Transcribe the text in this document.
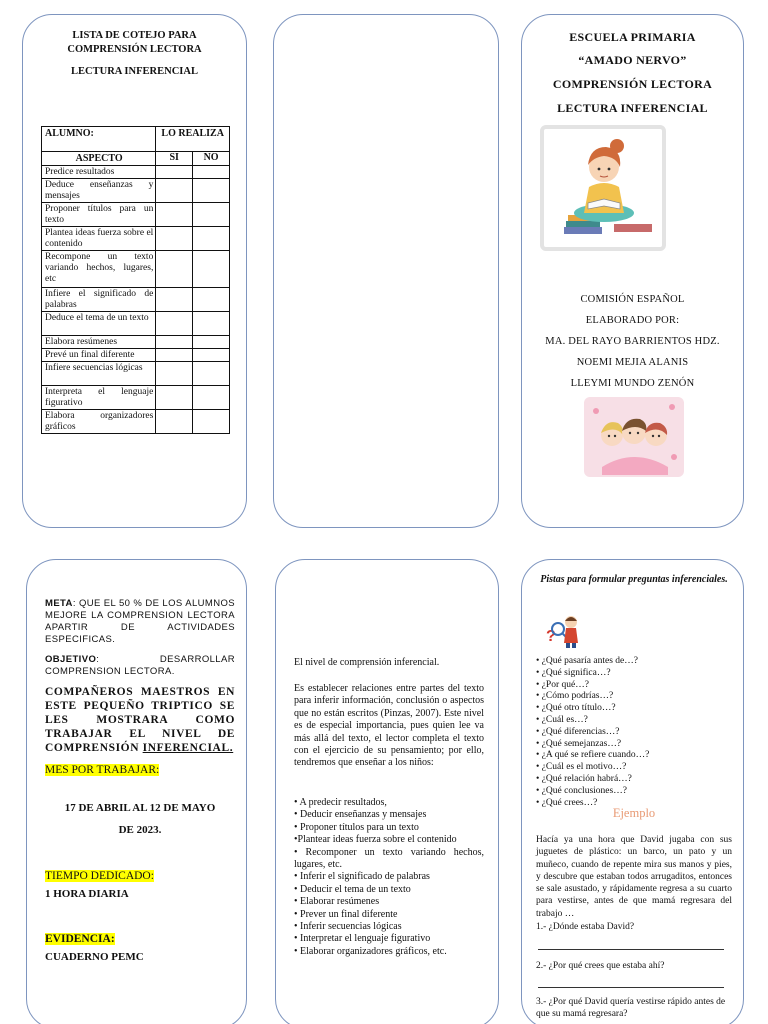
LISTA DE COTEJO PARA
COMPRENSIÓN LECTORA
LECTURA INFERENCIAL
ALUMNO:	LO REALIZA	
ASPECTO	SI	NO
Predice resultados		
Deduce enseñanzas y mensajes		
Proponer títulos para un texto		
Plantea ideas fuerza sobre el contenido		
Recompone un texto variando hechos, lugares, etc		
Infiere el significado de palabras		
Deduce el tema de un texto		
Elabora resúmenes		
Prevé un final diferente		
Infiere secuencias lógicas		
Interpreta el lenguaje figurativo		
Elabora organizadores gráficos		
ESCUELA PRIMARIA
“AMADO NERVO”
COMPRENSIÓN LECTORA
LECTURA INFERENCIAL
COMISIÓN ESPAÑOL
ELABORADO POR:
MA. DEL RAYO BARRIENTOS HDZ.
NOEMI MEJIA ALANIS
LLEYMI MUNDO ZENÓN
META: QUE EL 50 % DE LOS ALUMNOS MEJORE LA COMPRENSION LECTORA APARTIR DE ACTIVIDADES ESPECIFICAS.
OBJETIVO: DESARROLLAR COMPRENSION LECTORA.
COMPAÑEROS MAESTROS EN ESTE PEQUEÑO TRIPTICO SE LES MOSTRARA COMO TRABAJAR EL NIVEL DE COMPRENSIÓN INFERENCIAL.
MES POR TRABAJAR:
17 DE ABRIL AL 12 DE MAYO
DE 2023.
TIEMPO DEDICADO:
1 HORA DIARIA
EVIDENCIA:
CUADERNO PEMC
El nivel de comprensión inferencial.
Es establecer relaciones entre partes del texto para inferir información, conclusión o aspectos que no están escritos (Pinzas, 2007). Este nivel es de especial importancia, pues quien lee va más allá del texto, el lector completa el texto con el ejercicio de su pensamiento; por ello, tendremos que enseñar a los niños:
• A predecir resultados,
• Deducir enseñanzas y mensajes
• Proponer títulos para un texto
•Plantear ideas fuerza sobre el contenido
• Recomponer un texto variando hechos, lugares, etc.
• Inferir el significado de palabras
• Deducir el tema de un texto
• Elaborar resúmenes
• Prever un final diferente
• Inferir secuencias lógicas
• Interpretar el lenguaje figurativo
• Elaborar organizadores gráficos, etc.
Pistas para formular preguntas inferenciales.
?
• ¿Qué pasaría antes de…?
• ¿Qué significa…?
• ¿Por qué…?
• ¿Cómo podrías…?
• ¿Qué otro título…?
• ¿Cuál es…?
• ¿Qué diferencias…?
• ¿Qué semejanzas…?
• ¿A qué se refiere cuando…?
• ¿Cuál es el motivo…?
• ¿Qué relación habrá…?
• ¿Qué conclusiones…?
• ¿Qué crees…?
Ejemplo
Hacía ya una hora que David jugaba con sus juguetes de plástico: un barco, un pato y un muñeco, cuando de repente mira sus manos y pies, y descubre que estaban todos arrugaditos, entonces se sale asustado, y rápidamente regresa a su cuarto para vestirse, antes de que mamá regresara del trabajo …
1.- ¿Dónde estaba David?
2.- ¿Por qué crees que estaba ahí?
3.- ¿Por qué David quería vestirse rápido antes de que su mamá regresara?
